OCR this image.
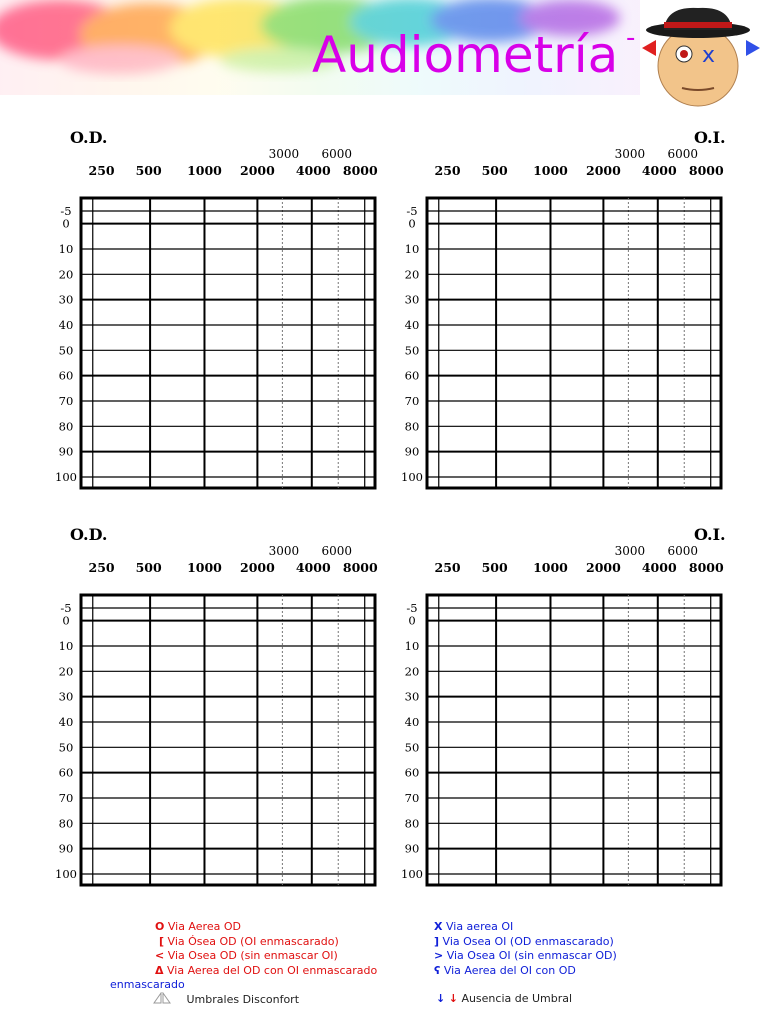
Audiometría -
x
O.D.
250 500 1000 2000 4000 8000
3000 6000
-5
0
10
20
30
40
50
60
70
80
90
100
O.I.
250 500 1000 2000 4000 8000
3000 6000
-5
0
10
20
30
40
50
60
70
80
90
100
O.D.
250 500 1000 2000 4000 8000
3000 6000
-5
0
10
20
30
40
50
60
70
80
90
100
O.I.
250 500 1000 2000 4000 8000
3000 6000
-5
0
10
20
30
40
50
60
70
80
90
100
O Via Aerea OD
[ Via Ósea OD (OI enmascarado)
< Via Osea OD (sin enmascar OI)
Δ Via Aerea del OD con OI enmascarado
enmascarado
Umbrales Disconfort
X Via aerea OI
] Via Osea OI (OD enmascarado)
> Via Osea OI (sin enmascar OD)
ʕ Via Aerea del OI con OD
↓ ↓ Ausencia de Umbral
